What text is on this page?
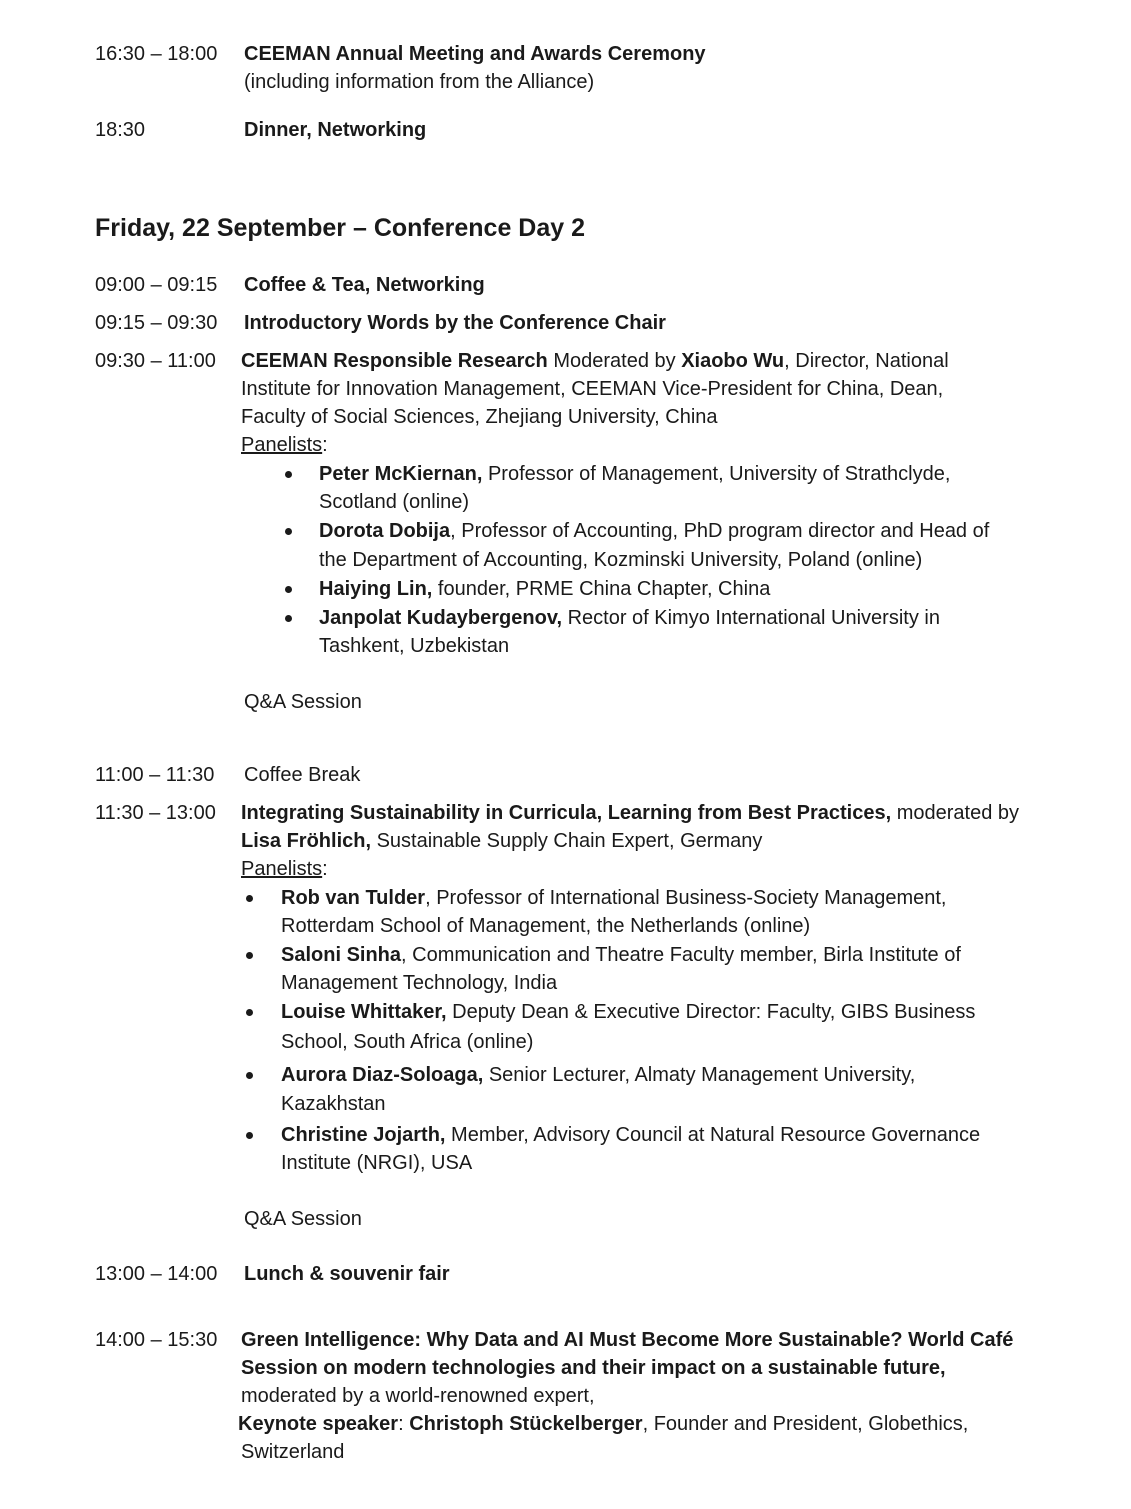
16:30 – 18:00 CEEMAN Annual Meeting and Awards Ceremony
(including information from the Alliance)
18:30	Dinner, Networking
Friday, 22 September – Conference Day 2
09:00 – 09:15 Coffee & Tea, Networking
09:15 – 09:30 Introductory Words by the Conference Chair
09:30 – 11:00 CEEMAN Responsible Research Moderated by Xiaobo Wu, Director, National
Institute for Innovation Management, CEEMAN Vice-President for China, Dean,
Faculty of Social Sciences, Zhejiang University, China
Panelists:
Peter McKiernan, Professor of Management, University of Strathclyde,
Scotland (online)
Dorota Dobija, Professor of Accounting, PhD program director and Head of
the Department of Accounting, Kozminski University, Poland (online)
Haiying Lin, founder, PRME China Chapter, China
Janpolat Kudaybergenov, Rector of Kimyo International University in
Tashkent, Uzbekistan
Q&A Session
11:00 – 11:30 Coffee Break
11:30 – 13:00 Integrating Sustainability in Curricula, Learning from Best Practices, moderated by
Lisa Fröhlich, Sustainable Supply Chain Expert, Germany
Panelists:
Rob van Tulder, Professor of International Business-Society Management,
Rotterdam School of Management, the Netherlands (online)
Saloni Sinha, Communication and Theatre Faculty member, Birla Institute of
Management Technology, India
Louise Whittaker, Deputy Dean & Executive Director: Faculty, GIBS Business
School, South Africa (online)
Aurora Diaz-Soloaga, Senior Lecturer, Almaty Management University,
Kazakhstan
Christine Jojarth, Member, Advisory Council at Natural Resource Governance
Institute (NRGI), USA
Q&A Session
13:00 – 14:00 Lunch & souvenir fair
14:00 – 15:30 Green Intelligence: Why Data and AI Must Become More Sustainable? World Café
Session on modern technologies and their impact on a sustainable future,
moderated by a world-renowned expert,
Keynote speaker: Christoph Stückelberger, Founder and President, Globethics,
Switzerland
